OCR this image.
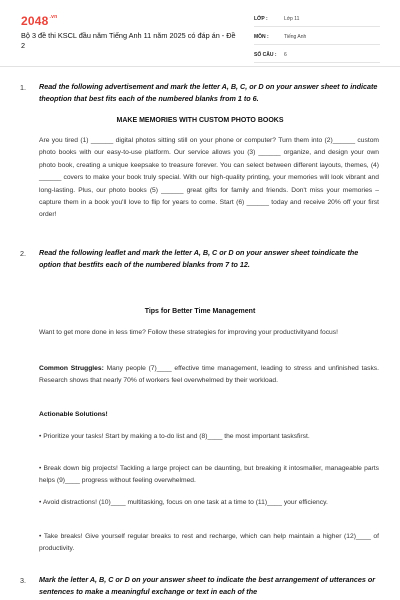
$2048^{.vn}$
Bộ 3 đề thi KSCL đầu năm Tiếng Anh 11 năm 2025 có đáp án - Đề 2
LỚP :	Lớp 11
MÔN :	Tiếng Anh
SỐ CÂU :	6
1. Read the following advertisement and mark the letter A, B, C, or D on your answer sheet to indicate theoption that best fits each of the numbered blanks from 1 to 6.
MAKE MEMORIES WITH CUSTOM PHOTO BOOKS
Are you tired (1) ______ digital photos sitting still on your phone or computer? Turn them into (2)______ custom photo books with our easy-to-use platform. Our service allows you (3) ______ organize, and design your own photo book, creating a unique keepsake to treasure forever. You can select between different layouts, themes, (4) ______ covers to make your book truly special. With our high-quality printing, your memories will look vibrant and long-lasting. Plus, our photo books (5) ______ great gifts for family and friends. Don't miss your memories – capture them in a book you'll love to flip for years to come. Start (6) ______ today and receive 20% off your first order!
2. Read the following leaflet and mark the letter A, B, C or D on your answer sheet toindicate the option that bestfits each of the numbered blanks from 7 to 12.
Tips for Better Time Management
Want to get more done in less time? Follow these strategies for improving your productivityand focus!
Common Struggles: Many people (7)____ effective time management, leading to stress and unfinished tasks. Research shows that nearly 70% of workers feel overwhelmed by their workload.
Actionable Solutions!
• Prioritize your tasks! Start by making a to-do list and (8)____ the most important tasksfirst.
• Break down big projects! Tackling a large project can be daunting, but breaking it intosmaller, manageable parts helps (9)____ progress without feeling overwhelmed.
• Avoid distractions! (10)____ multitasking, focus on one task at a time to (11)____ your efficiency.
• Take breaks! Give yourself regular breaks to rest and recharge, which can help maintain a higher (12)____ of productivity.
3. Mark the letter A, B, C or D on your answer sheet to indicate the best arrangement of utterances or sentences to make a meaningful exchange or text in each of the
